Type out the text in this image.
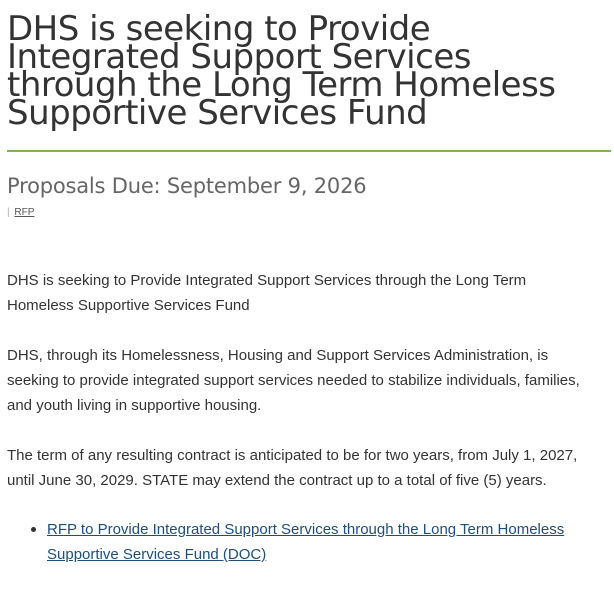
DHS is seeking to Provide Integrated Support Services through the Long Term Homeless Supportive Services Fund
Proposals Due: September 9, 2026
| RFP

DHS is seeking to Provide Integrated Support Services through the Long Term Homeless Supportive Services Fund

DHS, through its Homelessness, Housing and Support Services Administration, is seeking to provide integrated support services needed to stabilize individuals, families, and youth living in supportive housing.

The term of any resulting contract is anticipated to be for two years, from July 1, 2027, until June 30, 2029. STATE may extend the contract up to a total of five (5) years.

RFP to Provide Integrated Support Services through the Long Term Homeless Supportive Services Fund (DOC)
